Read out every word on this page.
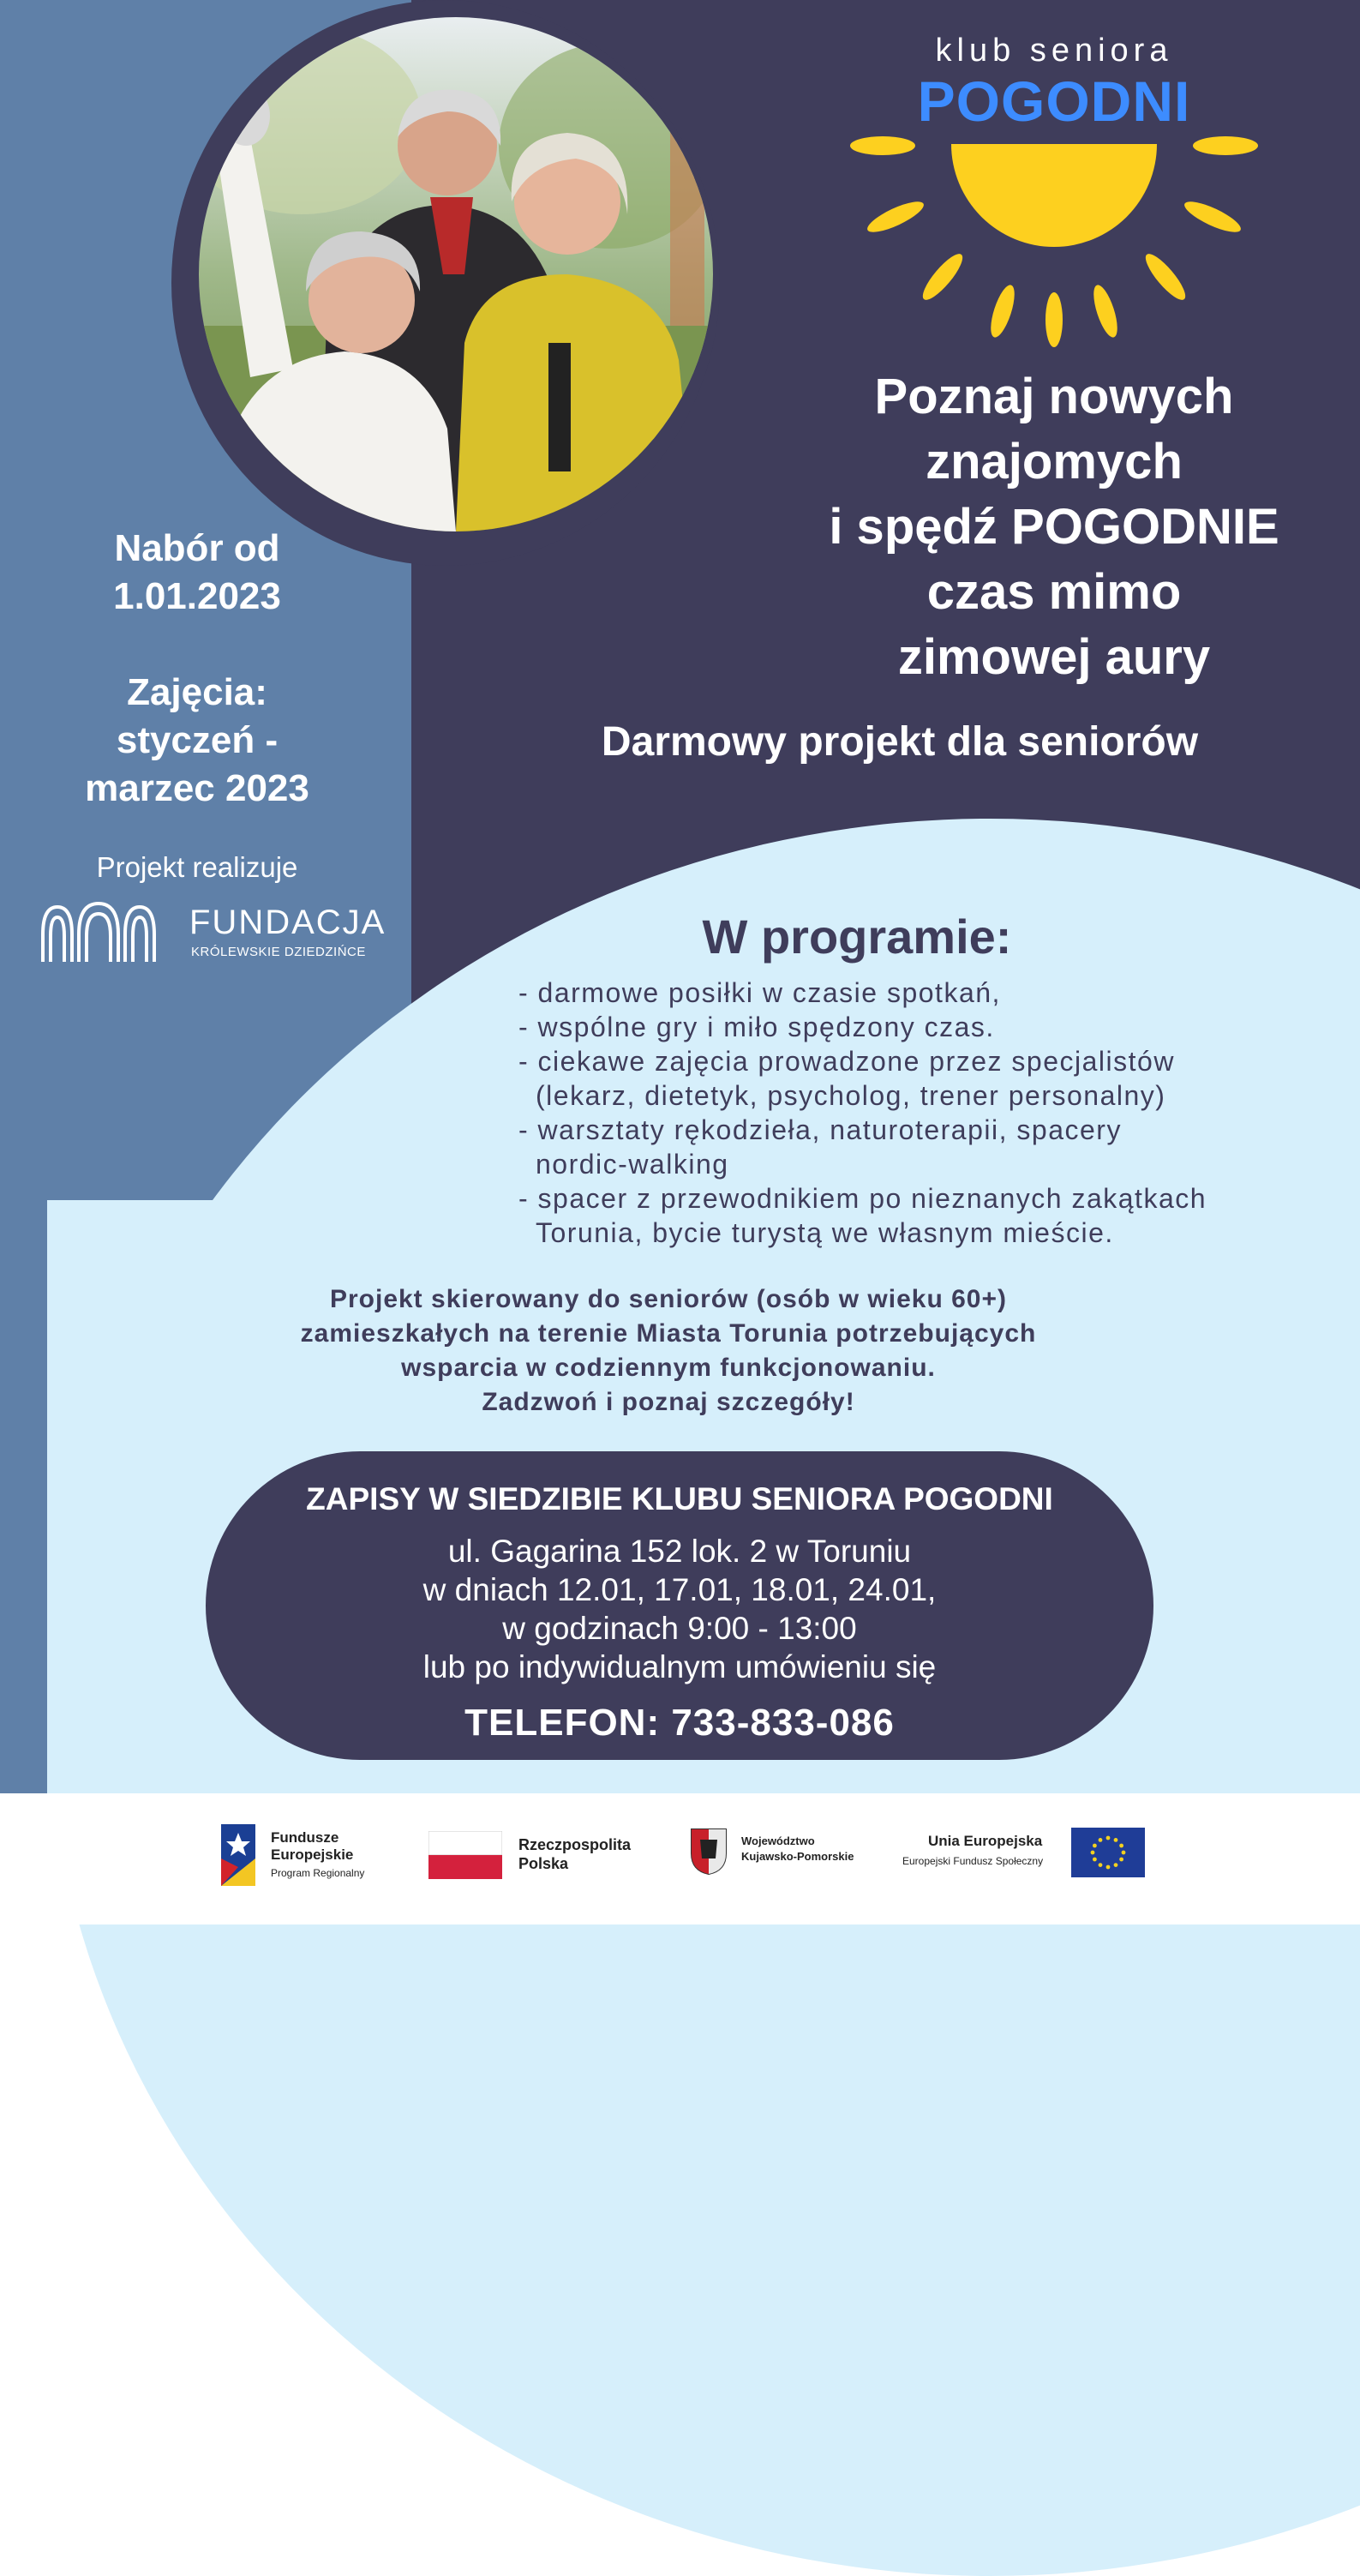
klub seniora
POGODNI
Poznaj nowych
znajomych
i spędź POGODNIE
czas mimo
zimowej aury
Darmowy projekt dla seniorów
Nabór od
1.01.2023
Zajęcia:
styczeń -
marzec 2023
Projekt realizuje
FUNDACJA
KRÓLEWSKIE DZIEDZIŃCE	W programie:
- darmowe posiłki w czasie spotkań,
- wspólne gry i miło spędzony czas.
- ciekawe zajęcia prowadzone przez specjalistów
(lekarz, dietetyk, psycholog, trener personalny)
- warsztaty rękodzieła, naturoterapii, spacery
nordic-walking
- spacer z przewodnikiem po nieznanych zakątkach
Torunia, bycie turystą we własnym mieście.
Projekt skierowany do seniorów (osób w wieku 60+)
zamieszkałych na terenie Miasta Torunia potrzebujących
wsparcia w codziennym funkcjonowaniu.
Zadzwoń i poznaj szczegóły!
ZAPISY W SIEDZIBIE KLUBU SENIORA POGODNI
ul. Gagarina 152 lok. 2 w Toruniu
w dniach 12.01, 17.01, 18.01, 24.01,
w godzinach 9:00 - 13:00
lub po indywidualnym umówieniu się
TELEFON: 733-833-086
Fundusze
Europejskie
Program Regionalny
Rzeczpospolita
Polska
Województwo
Kujawsko-Pomorskie
Unia Europejska
Europejski Fundusz Społeczny
